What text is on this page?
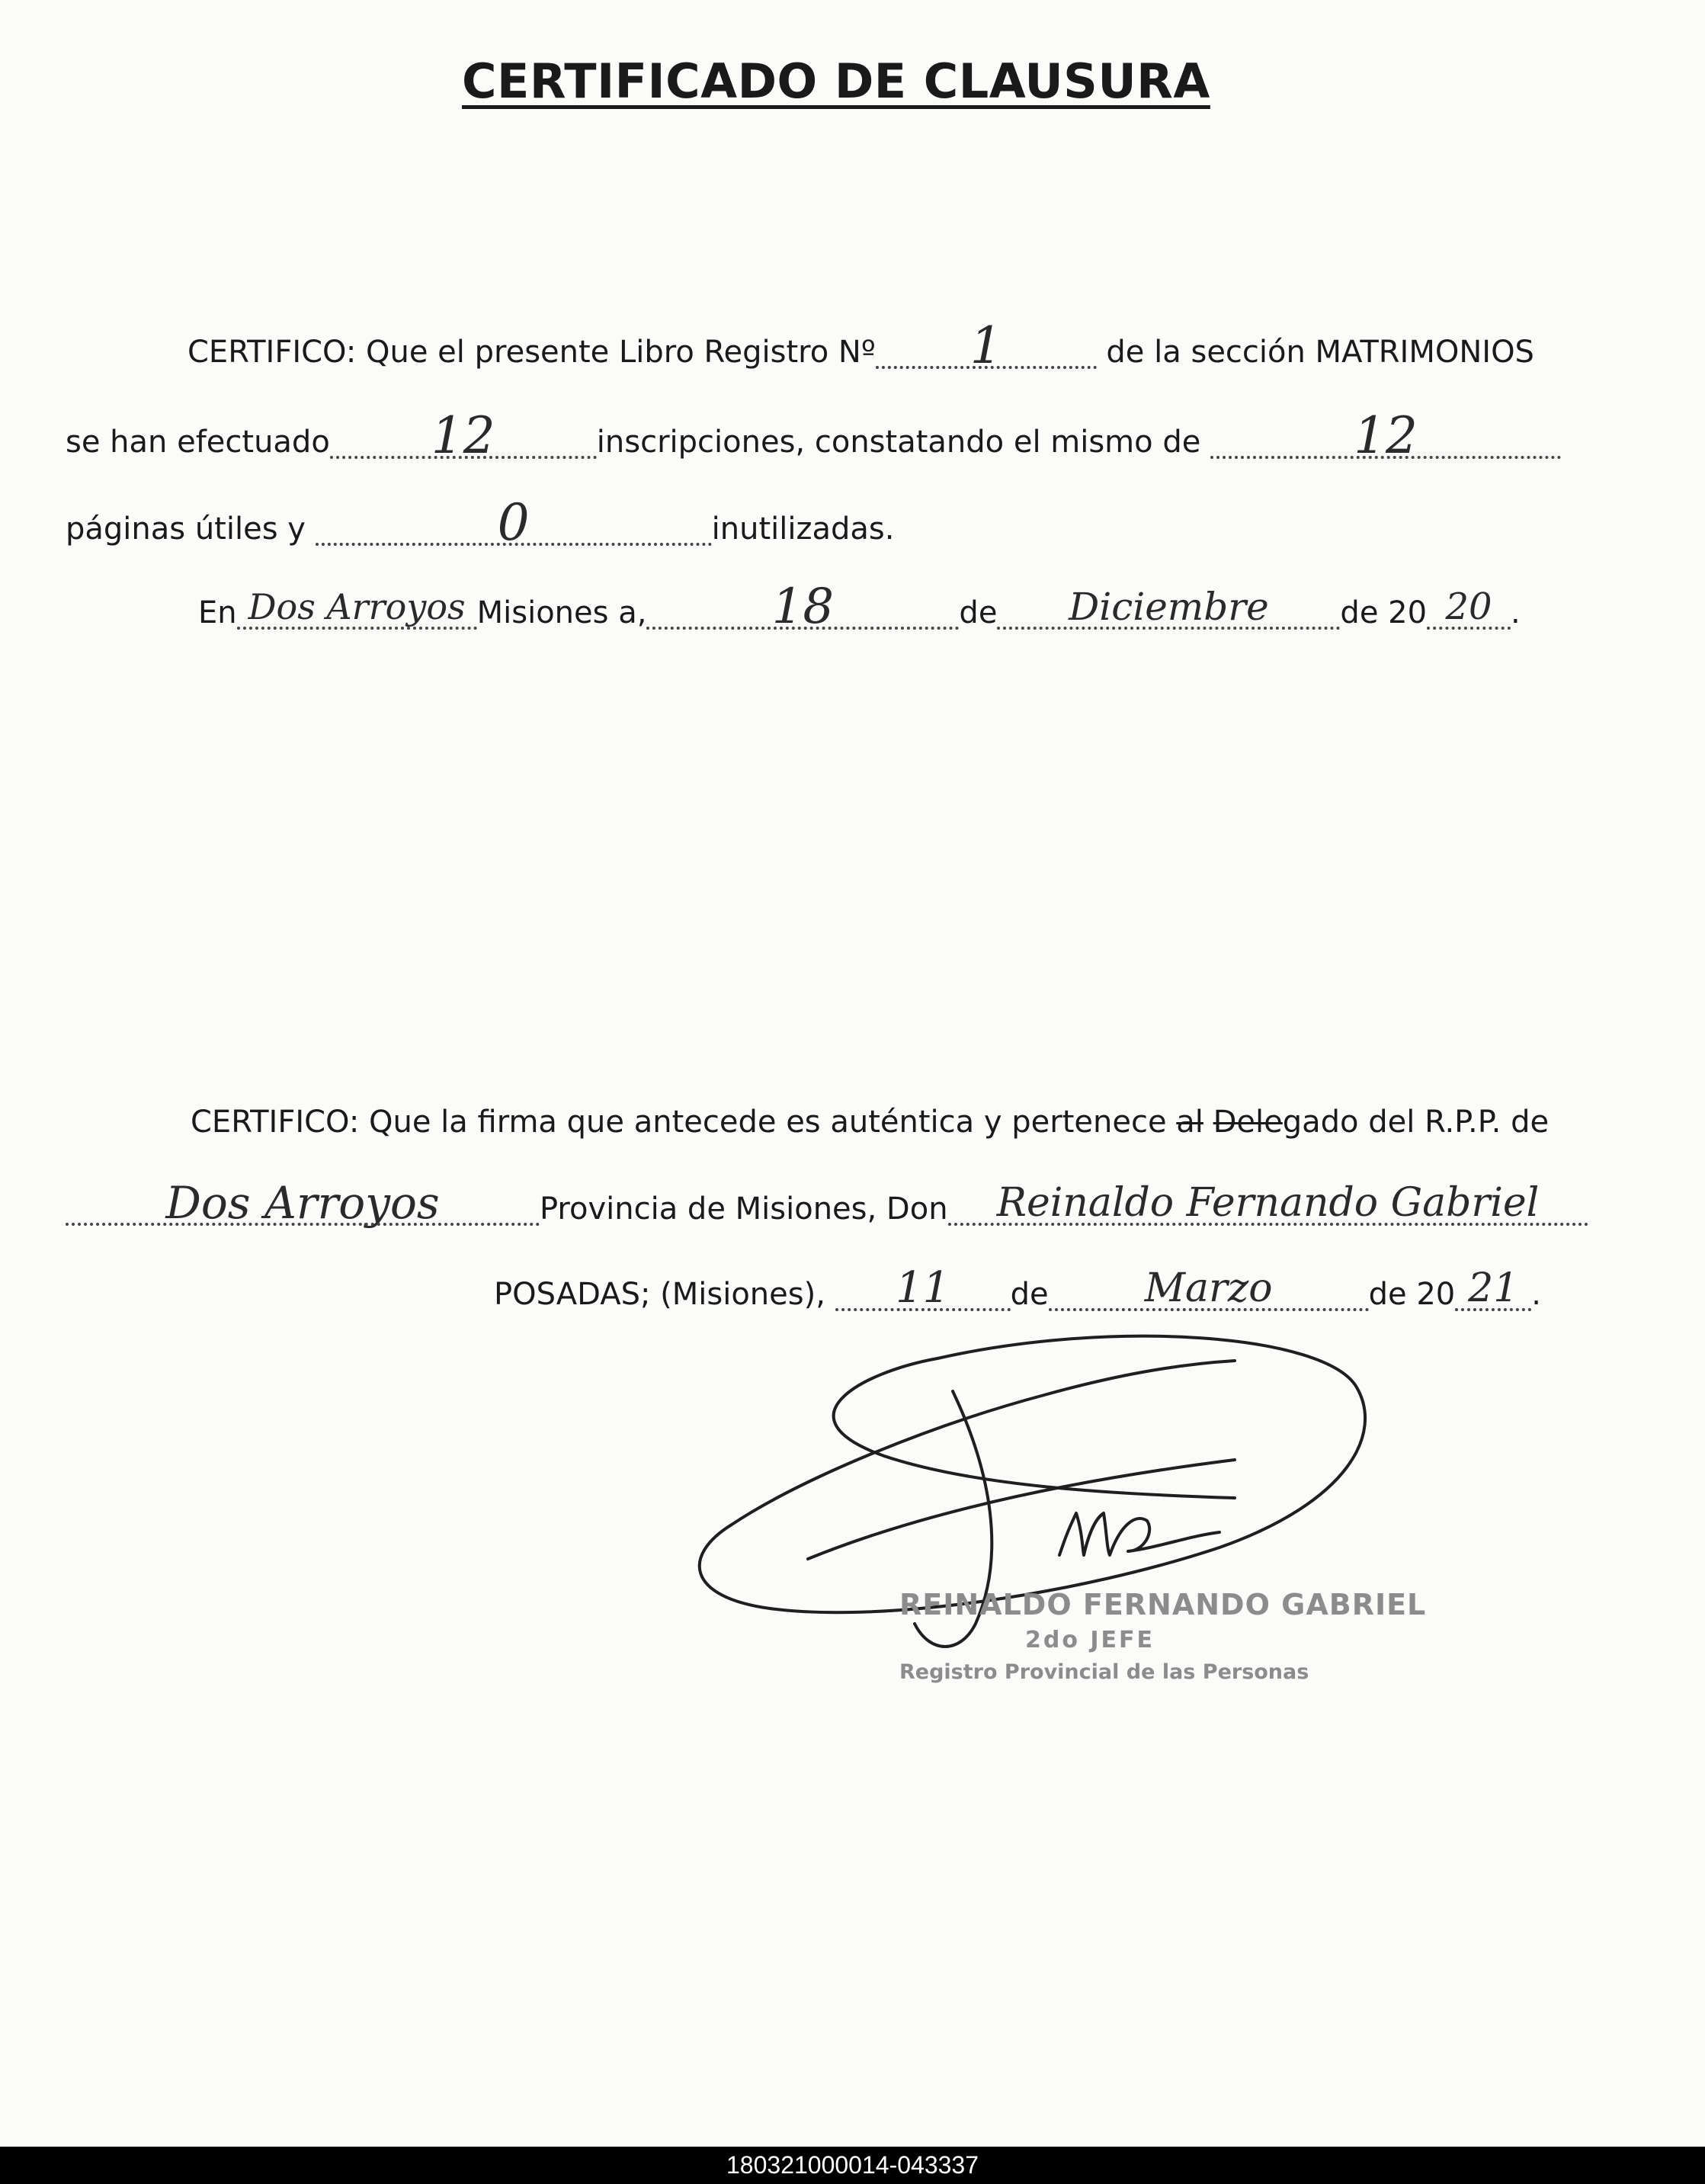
CERTIFICADO DE CLAUSURA
CERTIFICO: Que el presente Libro Registro Nº 1	de la sección MATRIMONIOS
se han efectuado 12	inscripciones, constatando el mismo de	12
páginas útiles y	0	inutilizadas.
En Dos Arroyos Misiones a,	18	de Diciembre de 20 20 .
CERTIFICO: Que la firma que antecede es auténtica y pertenece al Delegado del R.P.P. de
Dos Arroyos	Provincia de Misiones, Don Reinaldo Fernando Gabriel
POSADAS; (Misiones), 11 de Marzo	de 20 21 .
REINALDO FERNANDO GABRIEL
2do JEFE
Registro Provincial de las Personas
180321000014-043337
